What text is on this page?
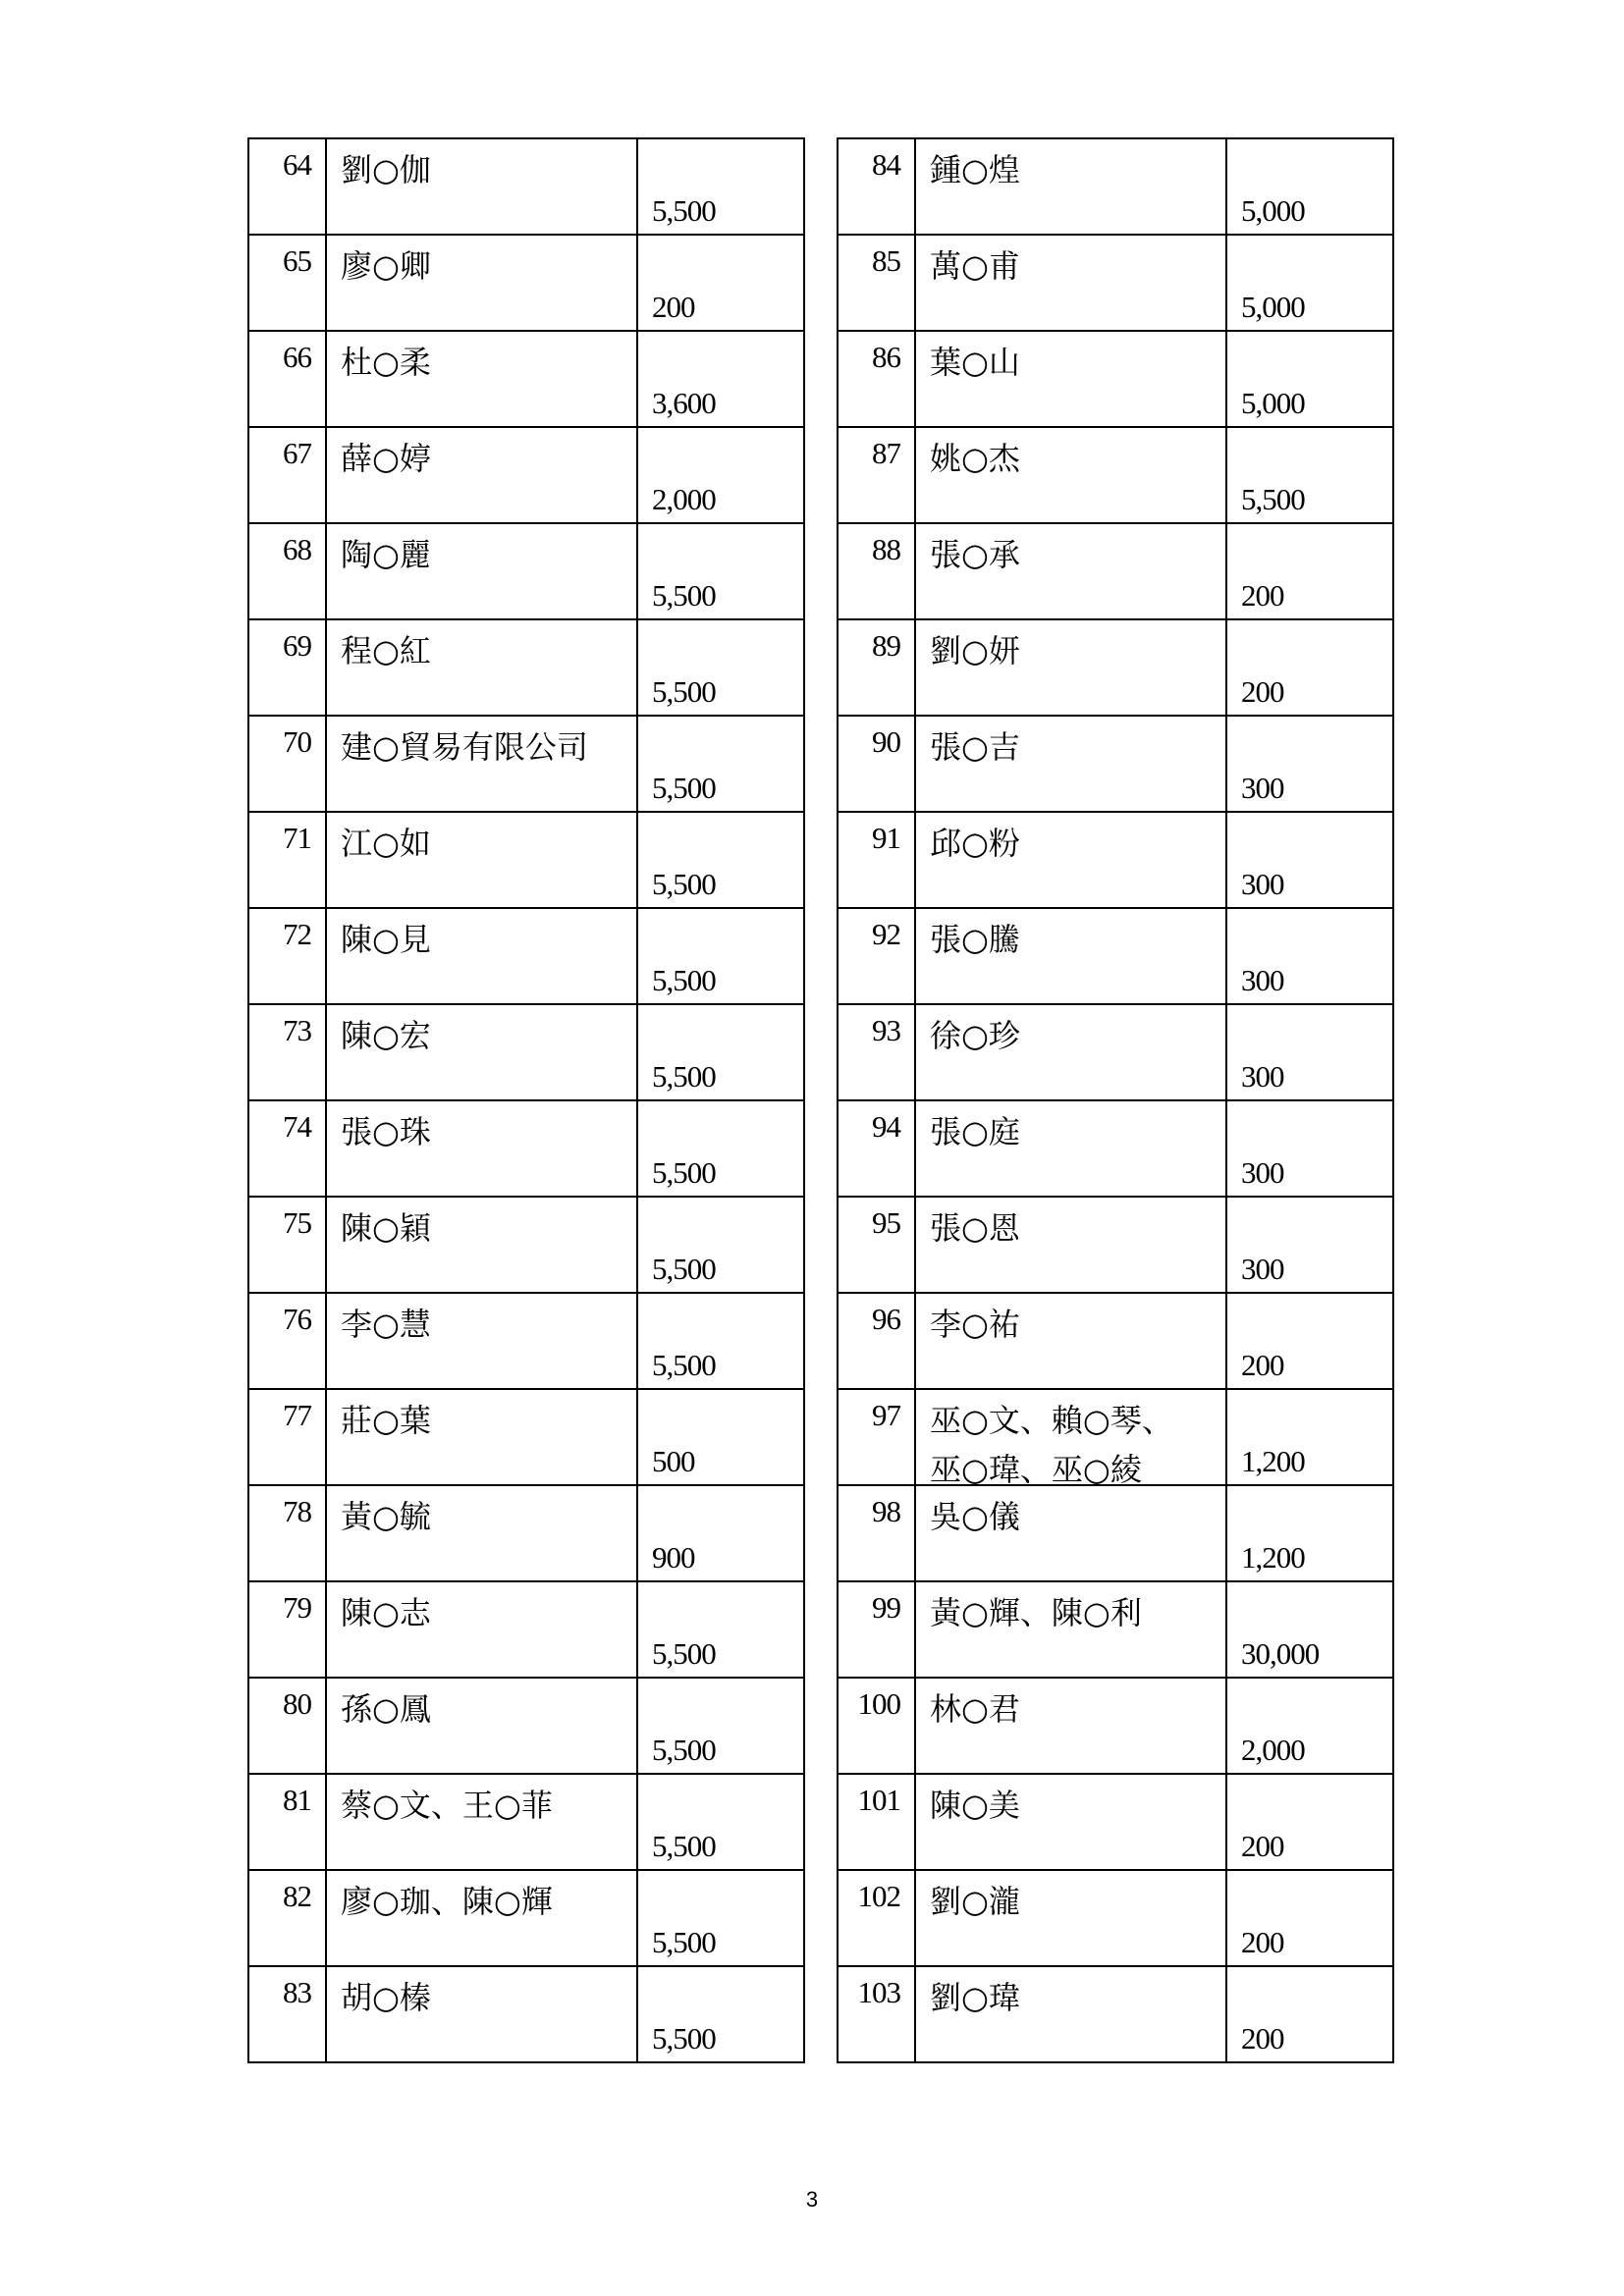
64	劉○伽	5,500

65	廖○卿	200

66	杜○柔	3,600

67	薛○婷	2,000

68	陶○麗	5,500

69	程○紅	5,500

70	建○貿易有限公司	5,500

71	江○如	5,500

72	陳○見	5,500

73	陳○宏	5,500

74	張○珠	5,500

75	陳○穎	5,500

76	李○慧	5,500

77	莊○葉	500

78	黃○毓	900

79	陳○志	5,500

80	孫○鳳	5,500

81	蔡○文、王○菲	5,500

82	廖○珈、陳○輝	5,500

83	胡○榛	5,500
84	鍾○煌	5,000

85	萬○甫	5,000

86	葉○山	5,000

87	姚○杰	5,500

88	張○承	200

89	劉○妍	200

90	張○吉	300

91	邱○粉	300

92	張○騰	300

93	徐○珍	300

94	張○庭	300

95	張○恩	300

96	李○祐	200

97	巫○文、賴○琴、
巫○瑋、巫○綾	1,200

98	吳○儀	1,200

99	黃○輝、陳○利	30,000

100	林○君	2,000

101	陳○美	200

102	劉○瀧	200

103	劉○瑋	200
3
